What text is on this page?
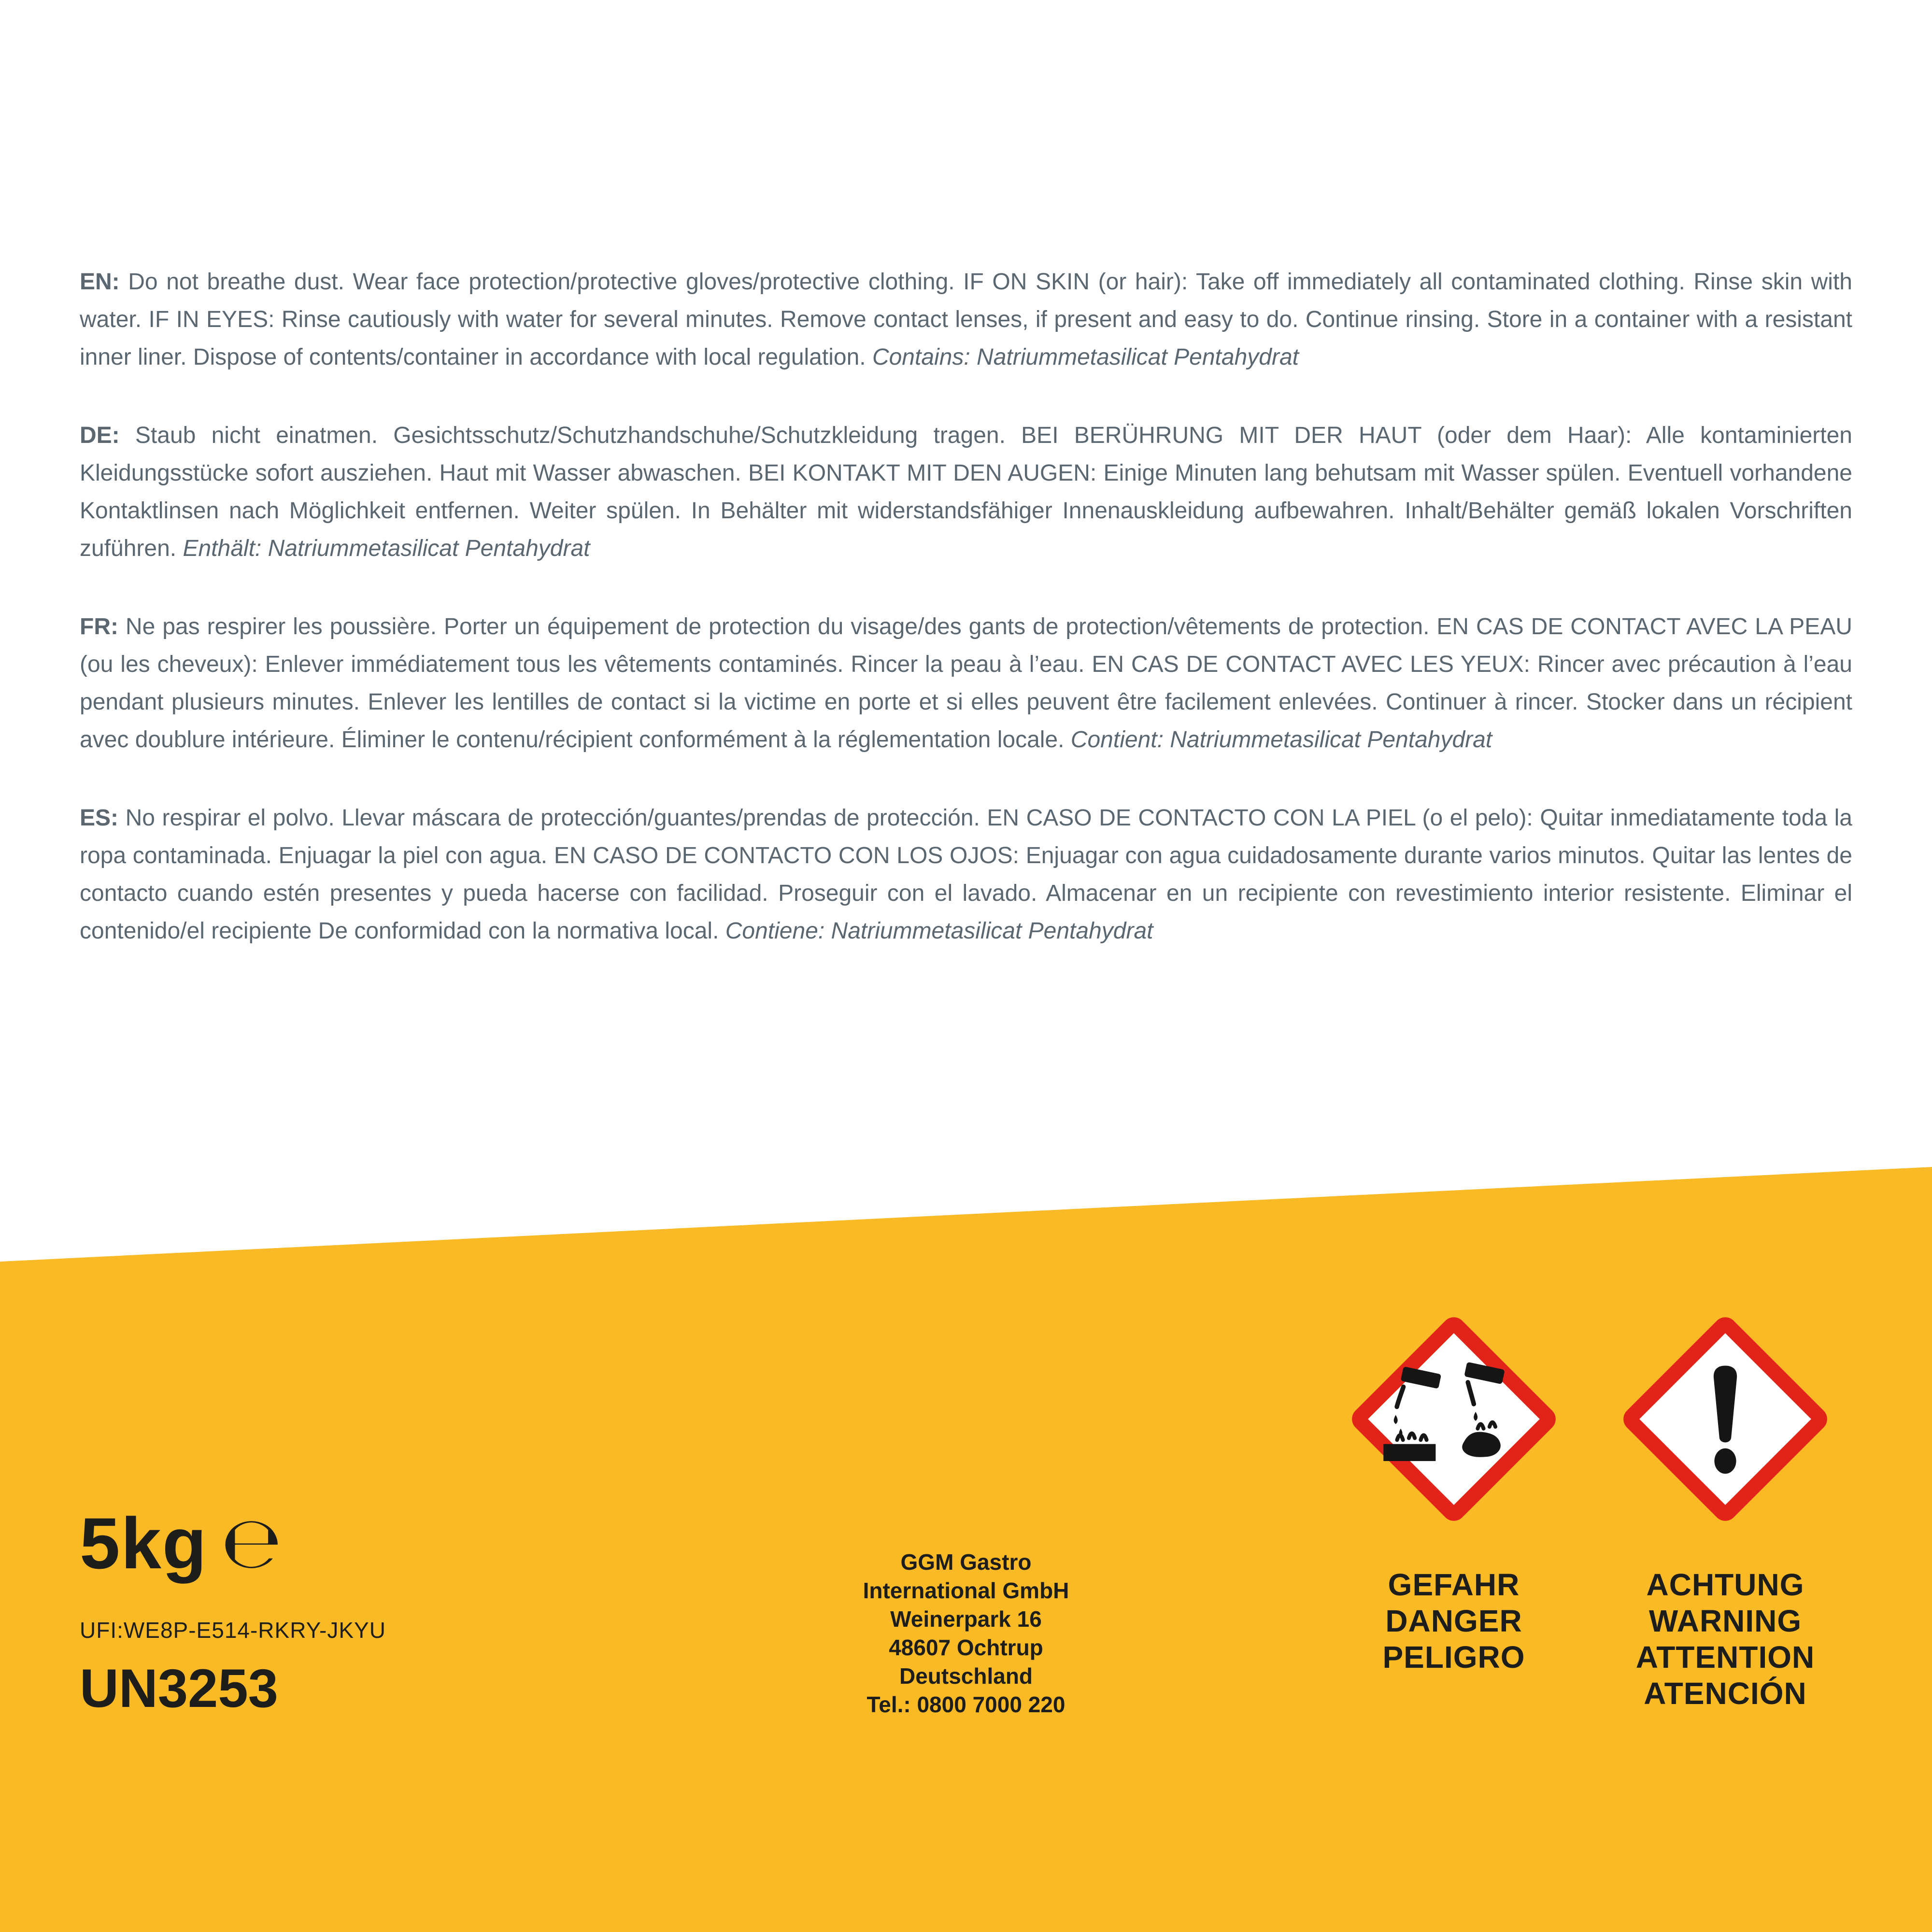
EN: Do not breathe dust. Wear face protection/protective gloves/protective clothing. IF ON SKIN (or hair): Take off immediately all contaminated clothing. Rinse skin with water. IF IN EYES: Rinse cautiously with water for several minutes. Remove contact lenses, if present and easy to do. Continue rinsing. Store in a container with a resistant inner liner. Dispose of contents/container in accordance with local regulation. Contains: Natriummetasilicat Pentahydrat

DE: Staub nicht einatmen. Gesichtsschutz/Schutzhandschuhe/Schutzkleidung tragen. BEI BERÜHRUNG MIT DER HAUT (oder dem Haar): Alle kontaminierten Kleidungsstücke sofort ausziehen. Haut mit Wasser abwaschen. BEI KONTAKT MIT DEN AUGEN: Einige Minuten lang behutsam mit Wasser spülen. Eventuell vorhandene Kontaktlinsen nach Möglichkeit entfernen. Weiter spülen. In Behälter mit widerstandsfähiger Innenauskleidung aufbewahren. Inhalt/Behälter gemäß lokalen Vorschriften zuführen. Enthält: Natriummetasilicat Pentahydrat

FR: Ne pas respirer les poussière. Porter un équipement de protection du visage/des gants de protection/vêtements de protection. EN CAS DE CONTACT AVEC LA PEAU (ou les cheveux): Enlever immédiatement tous les vêtements contaminés. Rincer la peau à l’eau. EN CAS DE CONTACT AVEC LES YEUX: Rincer avec précaution à l’eau pendant plusieurs minutes. Enlever les lentilles de contact si la victime en porte et si elles peuvent être facilement enlevées. Continuer à rincer. Stocker dans un récipient avec doublure intérieure. Éliminer le contenu/récipient conformément à la réglementation locale. Contient: Natriummetasilicat Pentahydrat

ES: No respirar el polvo. Llevar máscara de protección/guantes/prendas de protección. EN CASO DE CONTACTO CON LA PIEL (o el pelo): Quitar inmediatamente toda la ropa contaminada. Enjuagar la piel con agua. EN CASO DE CONTACTO CON LOS OJOS: Enjuagar con agua cuidadosamente durante varios minutos. Quitar las lentes de contacto cuando estén presentes y pueda hacerse con facilidad. Proseguir con el lavado. Almacenar en un recipiente con revestimiento interior resistente. Eliminar el contenido/el recipiente De conformidad con la normativa local. Contiene: Natriummetasilicat Pentahydrat

5kg ℮
UFI:WE8P-E514-RKRY-JKYU
UN3253
GGM Gastro
International GmbH
Weinerpark 16
48607 Ochtrup
Deutschland
Tel.: 0800 7000 220
GEFAHR
DANGER
PELIGRO
ACHTUNG
WARNING
ATTENTION
ATENCIÓN
